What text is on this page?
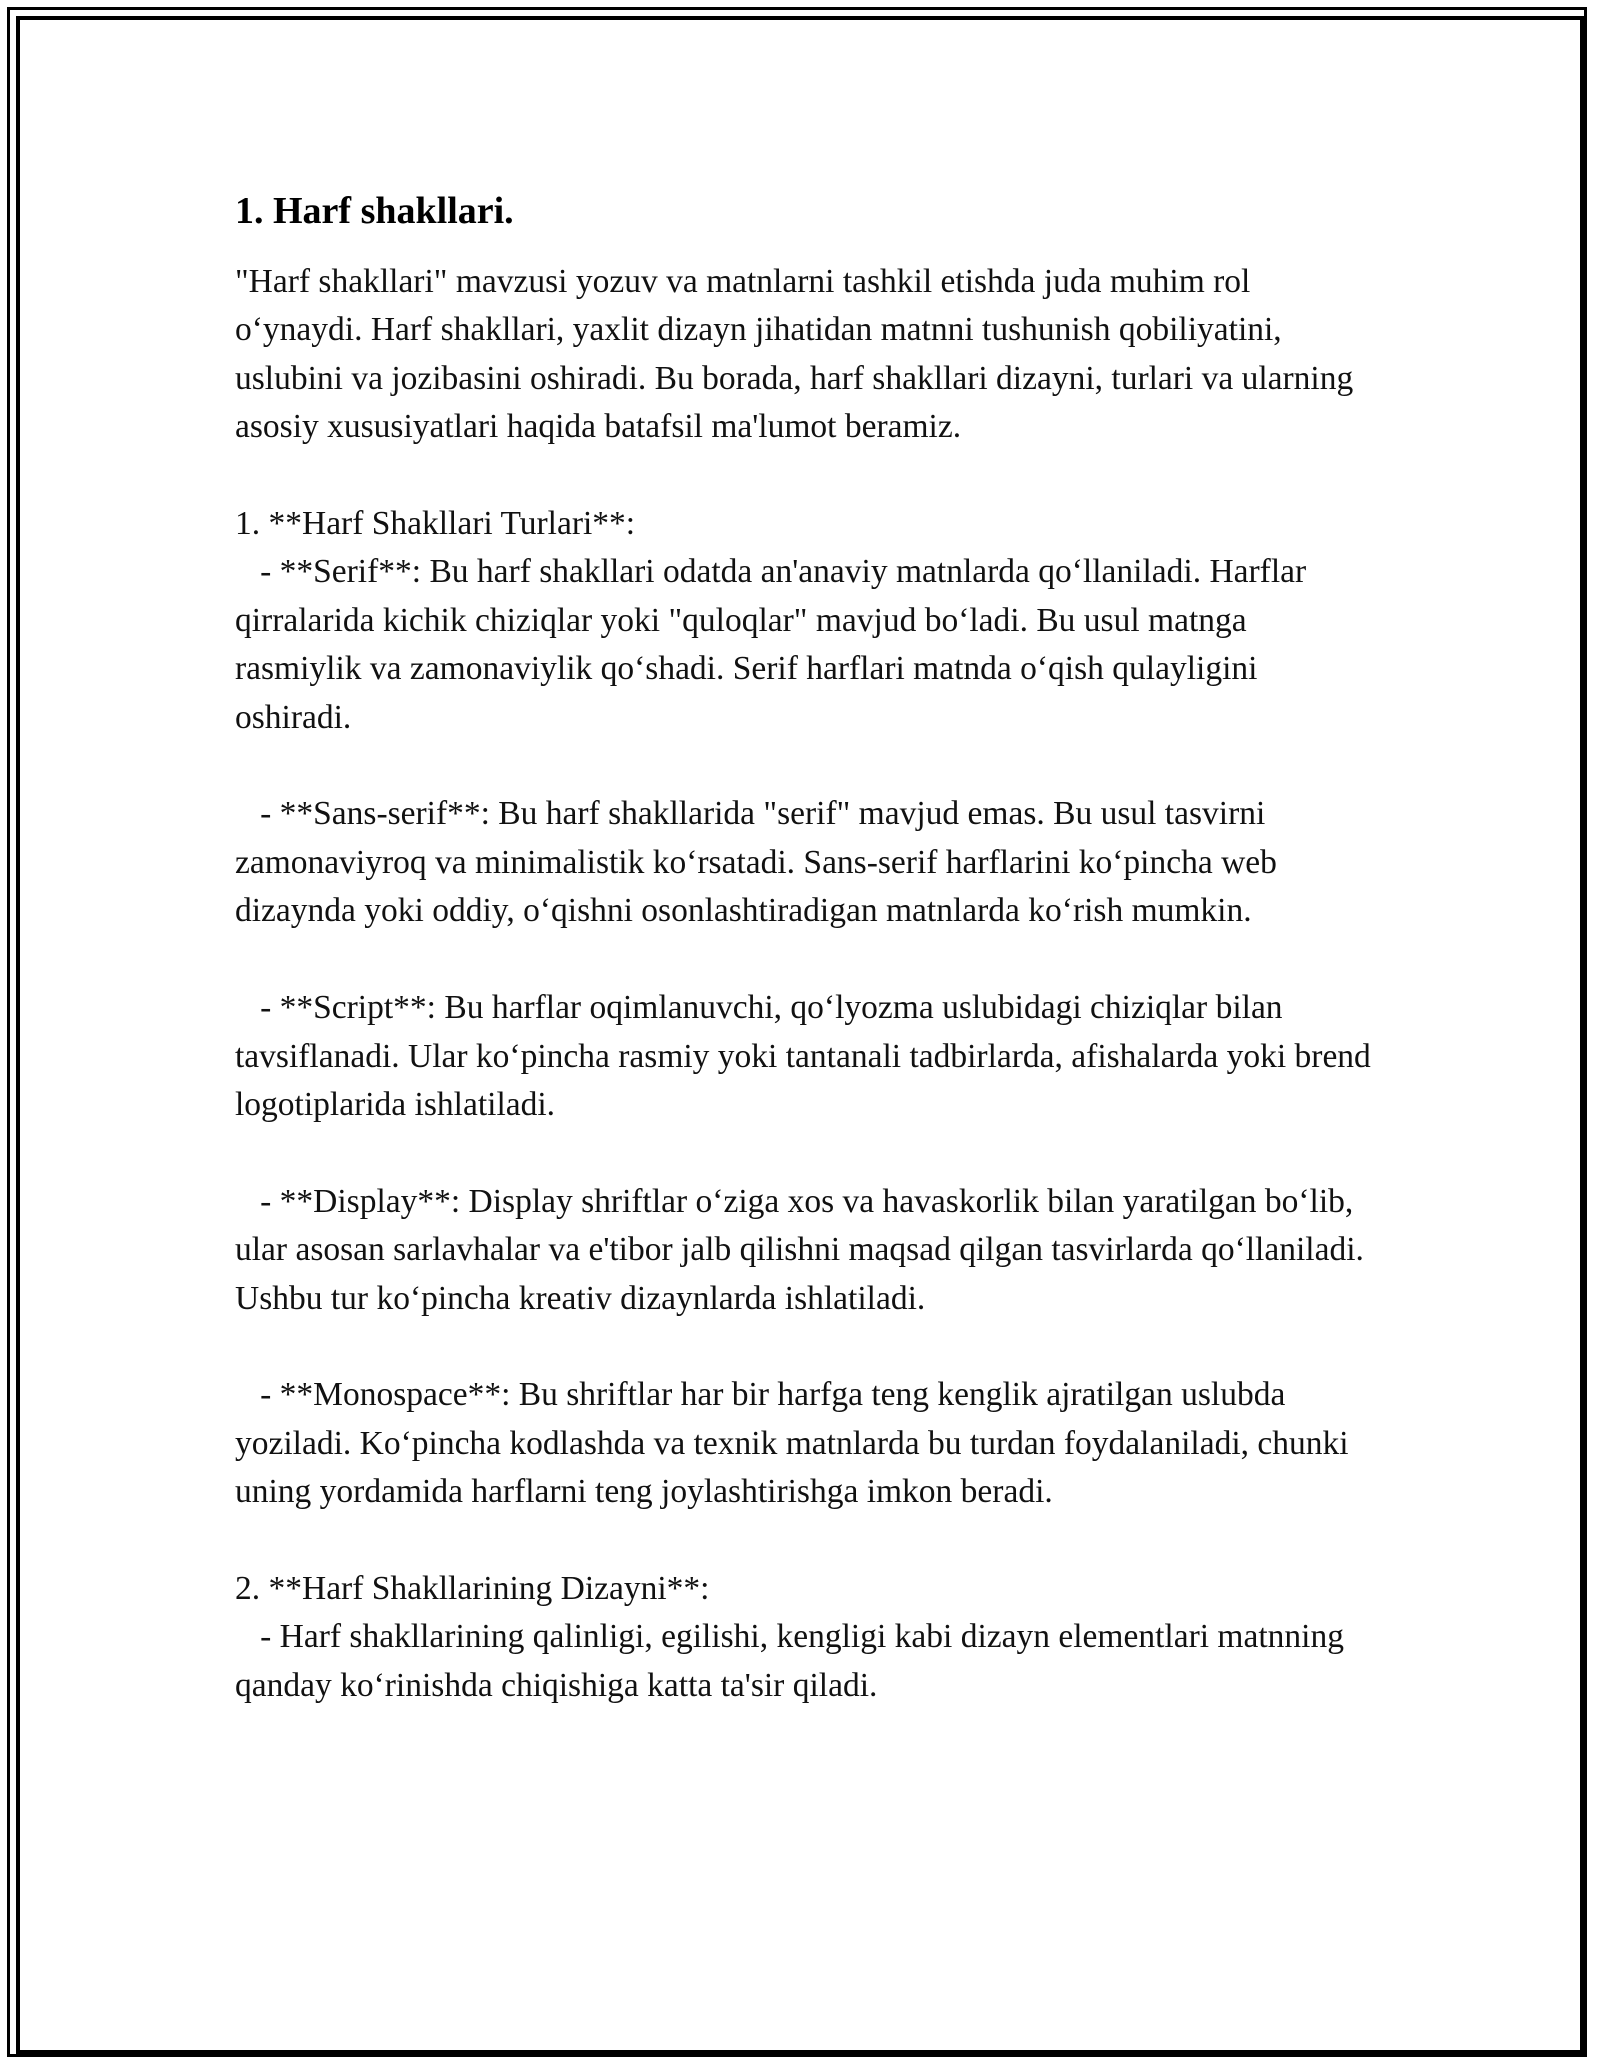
1. Harf shakllari.

"Harf shakllari" mavzusi yozuv va matnlarni tashkil etishda juda muhim rol o‘ynaydi. Harf shakllari, yaxlit dizayn jihatidan matnni tushunish qobiliyatini, uslubini va jozibasini oshiradi. Bu borada, harf shakllari dizayni, turlari va ularning asosiy xususiyatlari haqida batafsil ma'lumot beramiz.

1. **Harf Shakllari Turlari**:
- **Serif**: Bu harf shakllari odatda an'anaviy matnlarda qo‘llaniladi. Harflar qirralarida kichik chiziqlar yoki "quloqlar" mavjud bo‘ladi. Bu usul matnga rasmiylik va zamonaviylik qo‘shadi. Serif harflari matnda o‘qish qulayligini oshiradi.

- **Sans-serif**: Bu harf shakllarida "serif" mavjud emas. Bu usul tasvirni zamonaviyroq va minimalistik ko‘rsatadi. Sans-serif harflarini ko‘pincha web dizaynda yoki oddiy, o‘qishni osonlashtiradigan matnlarda ko‘rish mumkin.

- **Script**: Bu harflar oqimlanuvchi, qo‘lyozma uslubidagi chiziqlar bilan tavsiflanadi. Ular ko‘pincha rasmiy yoki tantanali tadbirlarda, afishalarda yoki brend logotiplarida ishlatiladi.

- **Display**: Display shriftlar o‘ziga xos va havaskorlik bilan yaratilgan bo‘lib, ular asosan sarlavhalar va e'tibor jalb qilishni maqsad qilgan tasvirlarda qo‘llaniladi. Ushbu tur ko‘pincha kreativ dizaynlarda ishlatiladi.

- **Monospace**: Bu shriftlar har bir harfga teng kenglik ajratilgan uslubda yoziladi. Ko‘pincha kodlashda va texnik matnlarda bu turdan foydalaniladi, chunki uning yordamida harflarni teng joylashtirishga imkon beradi.

2. **Harf Shakllarining Dizayni**:
- Harf shakllarining qalinligi, egilishi, kengligi kabi dizayn elementlari matnning qanday ko‘rinishda chiqishiga katta ta'sir qiladi.
